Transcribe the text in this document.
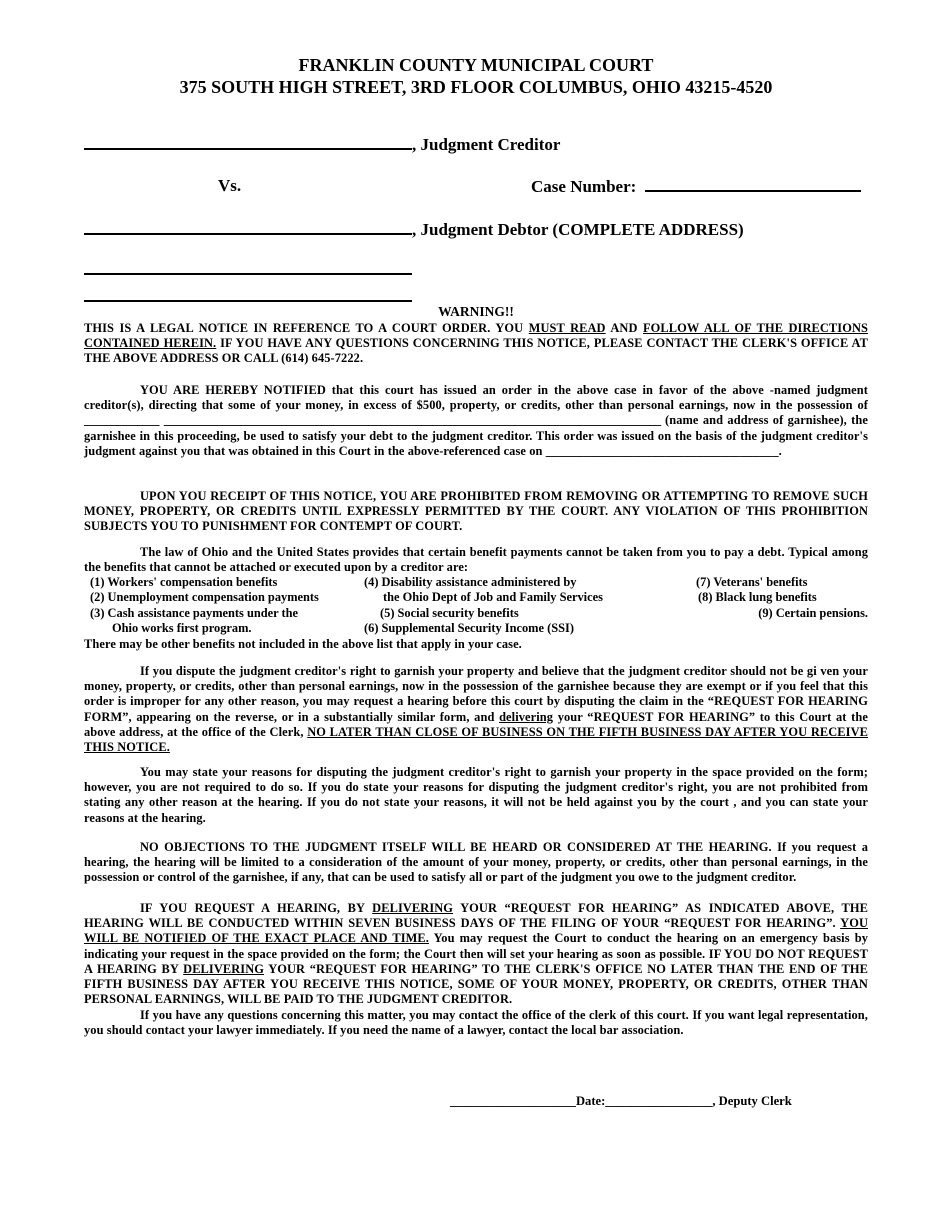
FRANKLIN COUNTY MUNICIPAL COURT
375 SOUTH HIGH STREET, 3RD FLOOR COLUMBUS, OHIO 43215-4520
, Judgment Creditor
Vs.	Case Number:
, Judgment Debtor (COMPLETE ADDRESS)
WARNING!!
THIS IS A LEGAL NOTICE IN REFERENCE TO A COURT ORDER. YOU MUST READ AND FOLLOW ALL OF THE DIRECTIONS CONTAINED HEREIN. IF YOU HAVE ANY QUESTIONS CONCERNING THIS NOTICE, PLEASE CONTACT THE CLERK'S OFFICE AT THE ABOVE ADDRESS OR CALL (614) 645-7222.
YOU ARE HEREBY NOTIFIED that this court has issued an order in the above case in favor of the above -named judgment creditor(s), directing that some of your money, in excess of $500, property, or credits, other than personal earnings, now in the possession of ____________ _____________________________________________________________________________________ (name and address of garnishee), the garnishee in this proceeding, be used to satisfy your debt to the judgment creditor. This order was issued on the basis of the judgment creditor's judgment against you that was obtained in this Court in the above-referenced case on _____________________________________.
UPON YOU RECEIPT OF THIS NOTICE, YOU ARE PROHIBITED FROM REMOVING OR ATTEMPTING TO REMOVE SUCH MONEY, PROPERTY, OR CREDITS UNTIL EXPRESSLY PERMITTED BY THE COURT. ANY VIOLATION OF THIS PROHIBITION SUBJECTS YOU TO PUNISHMENT FOR CONTEMPT OF COURT.
The law of Ohio and the United States provides that certain benefit payments cannot be taken from you to pay a debt. Typical among the benefits that cannot be attached or executed upon by a creditor are:
(1) Workers' compensation benefits
(2) Unemployment compensation payments
(3) Cash assistance payments under the
Ohio works first program.
(4) Disability assistance administered by
the Ohio Dept of Job and Family Services
(5) Social security benefits
(6) Supplemental Security Income (SSI)
(7) Veterans' benefits
(8) Black lung benefits
(9) Certain pensions.
There may be other benefits not included in the above list that apply in your case.
If you dispute the judgment creditor's right to garnish your property and believe that the judgment creditor should not be gi ven your money, property, or credits, other than personal earnings, now in the possession of the garnishee because they are exempt or if you feel that this order is improper for any other reason, you may request a hearing before this court by disputing the claim in the “REQUEST FOR HEARING FORM”, appearing on the reverse, or in a substantially similar form, and delivering your “REQUEST FOR HEARING” to this Court at the above address, at the office of the Clerk, NO LATER THAN CLOSE OF BUSINESS ON THE FIFTH BUSINESS DAY AFTER YOU RECEIVE THIS NOTICE.
You may state your reasons for disputing the judgment creditor's right to garnish your property in the space provided on the form; however, you are not required to do so. If you do state your reasons for disputing the judgment creditor's right, you are not prohibited from stating any other reason at the hearing. If you do not state your reasons, it will not be held against you by the court , and you can state your reasons at the hearing.
NO OBJECTIONS TO THE JUDGMENT ITSELF WILL BE HEARD OR CONSIDERED AT THE HEARING. If you request a hearing, the hearing will be limited to a consideration of the amount of your money, property, or credits, other than personal earnings, in the possession or control of the garnishee, if any, that can be used to satisfy all or part of the judgment you owe to the judgment creditor.
IF YOU REQUEST A HEARING, BY DELIVERING YOUR “REQUEST FOR HEARING” AS INDICATED ABOVE, THE HEARING WILL BE CONDUCTED WITHIN SEVEN BUSINESS DAYS OF THE FILING OF YOUR “REQUEST FOR HEARING”. YOU WILL BE NOTIFIED OF THE EXACT PLACE AND TIME. You may request the Court to conduct the hearing on an emergency basis by indicating your request in the space provided on the form; the Court then will set your hearing as soon as possible. IF YOU DO NOT REQUEST A HEARING BY DELIVERING YOUR “REQUEST FOR HEARING” TO THE CLERK'S OFFICE NO LATER THAN THE END OF THE FIFTH BUSINESS DAY AFTER YOU RECEIVE THIS NOTICE, SOME OF YOUR MONEY, PROPERTY, OR CREDITS, OTHER THAN PERSONAL EARNINGS, WILL BE PAID TO THE JUDGMENT CREDITOR.
If you have any questions concerning this matter, you may contact the office of the clerk of this court. If you want legal representation, you should contact your lawyer immediately. If you need the name of a lawyer, contact the local bar association.
____________________Date:_________________, Deputy Clerk
